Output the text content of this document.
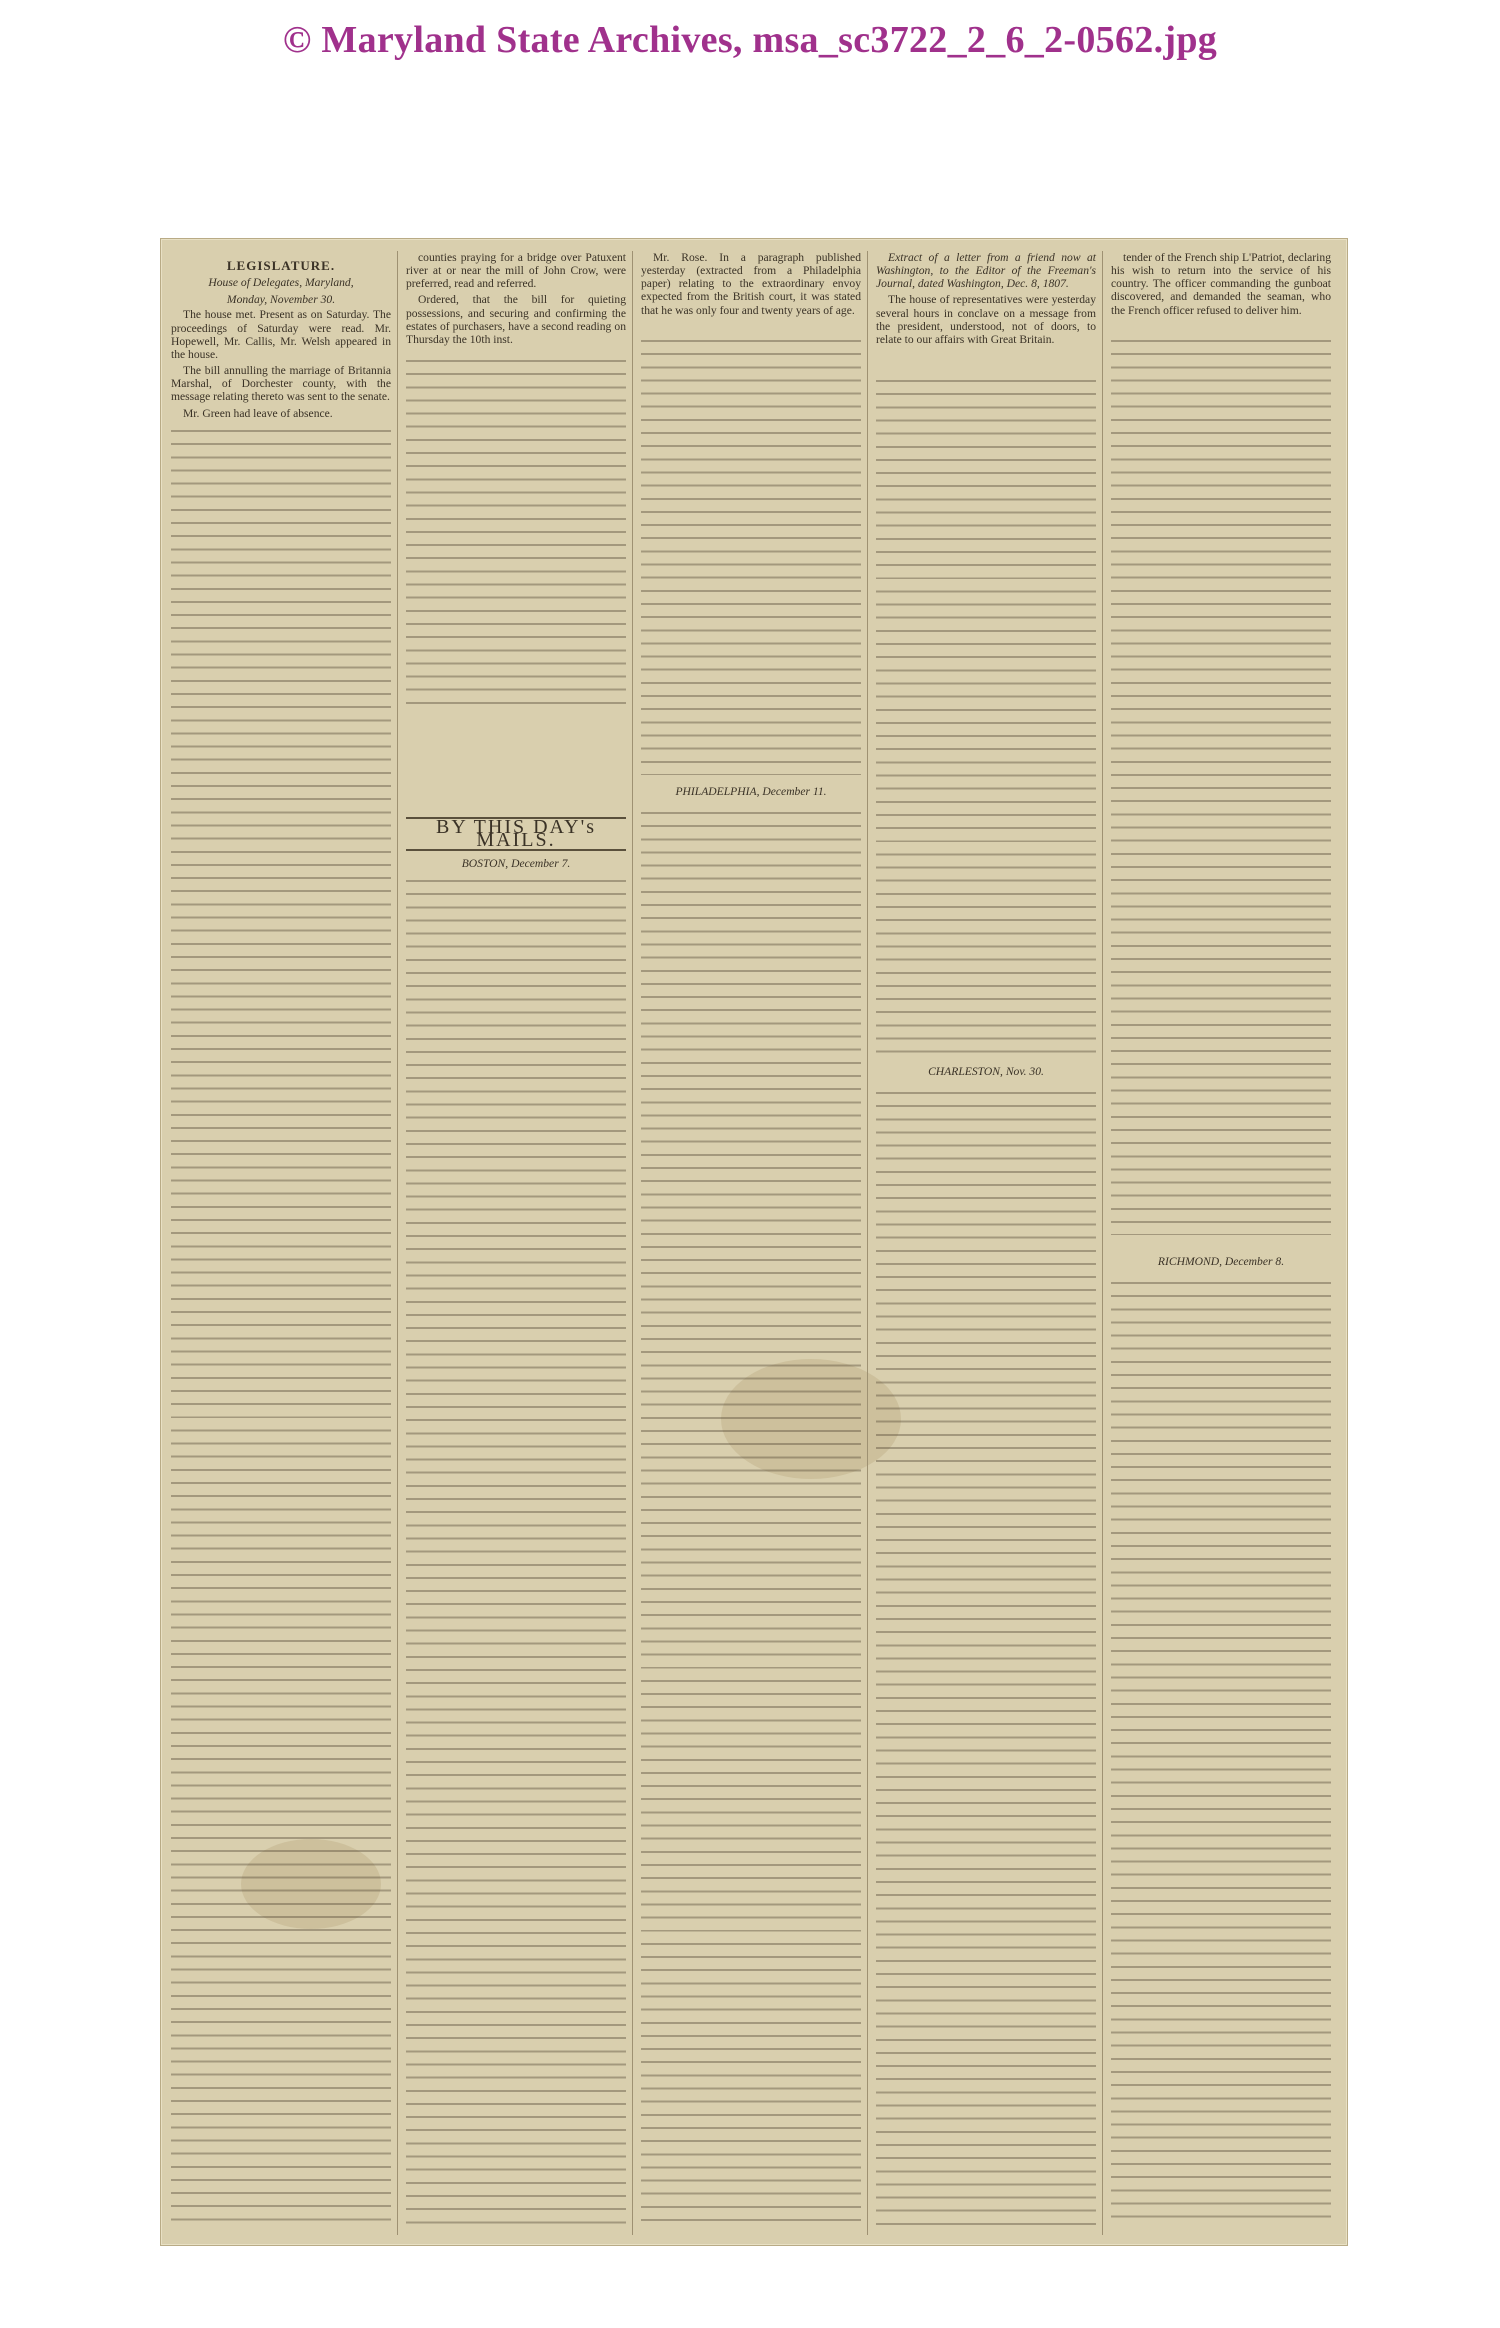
© Maryland State Archives, msa_sc3722_2_6_2-0562.jpg
LEGISLATURE.
House of Delegates, Maryland,
Monday, November 30.

The house met. Present as on Saturday. The proceedings of Saturday were read. Mr. Hopewell, Mr. Callis, Mr. Welsh appeared in the house.

The bill annulling the marriage of Britannia Marshal, of Dorchester county, with the message relating thereto was sent to the senate.

Mr. Green had leave of absence.

counties praying for a bridge over Patuxent river at or near the mill of John Crow, were preferred, read and referred.

Ordered, that the bill for quieting possessions, and securing and confirming the estates of purchasers, have a second reading on Thursday the 10th inst.

BY THIS DAY's MAILS.
BOSTON, December 7.

Mr. Rose. In a paragraph published yesterday (extracted from a Philadelphia paper) relating to the extraordinary envoy expected from the British court, it was stated that he was only four and twenty years of age.

PHILADELPHIA, December 11.

Extract of a letter from a friend now at Washington, to the Editor of the Freeman's Journal, dated Washington, Dec. 8, 1807.

The house of representatives were yesterday several hours in conclave on a message from the president, understood, not of doors, to relate to our affairs with Great Britain.

CHARLESTON, Nov. 30.

tender of the French ship L'Patriot, declaring his wish to return into the service of his country. The officer commanding the gunboat discovered, and demanded the seaman, who the French officer refused to deliver him.

RICHMOND, December 8.
